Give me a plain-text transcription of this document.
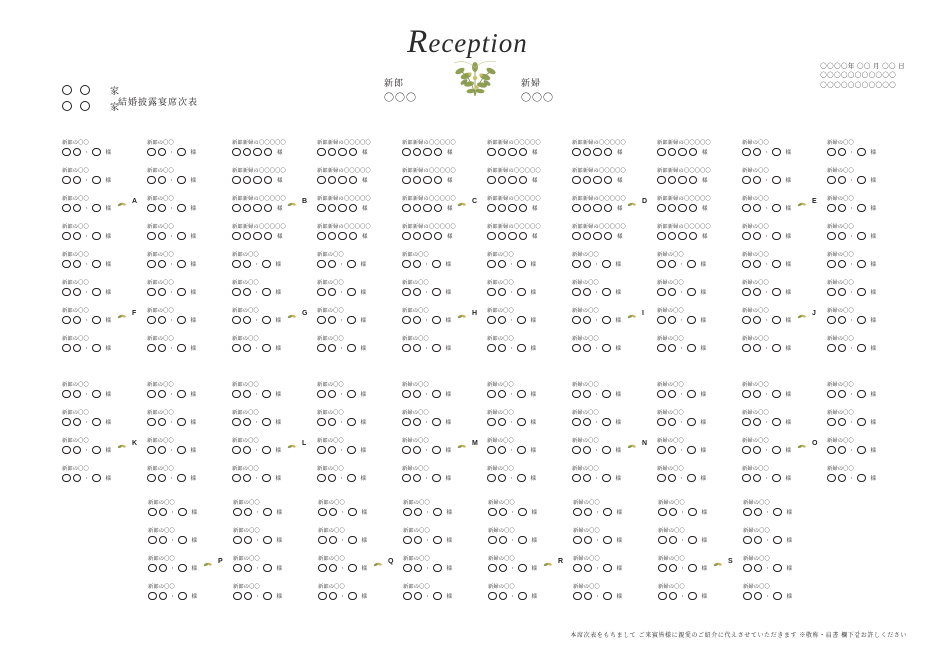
Reception
新郎
〇〇〇
新婦
〇〇〇
〇〇〇〇年 〇〇 月 〇〇 日
〇〇〇〇〇〇〇〇〇〇〇
〇〇〇〇〇〇〇〇〇〇〇
家
家
結婚披露宴席次表
新郎の〇〇
・	様
新郎の〇〇
・	様
新郎の〇〇
・	様
新郎の〇〇
・	様
新郎の〇〇
・	様
新郎の〇〇
・	様
新郎の〇〇
・	様
新郎の〇〇
・	様
A
新郎新婦の〇〇〇〇〇
様
新郎新婦の〇〇〇〇〇
様
新郎新婦の〇〇〇〇〇
様
新郎新婦の〇〇〇〇〇
様
新郎新婦の〇〇〇〇〇
様
新郎新婦の〇〇〇〇〇
様
新郎新婦の〇〇〇〇〇
様
新郎新婦の〇〇〇〇〇
様
B
新郎新婦の〇〇〇〇〇
様
新郎新婦の〇〇〇〇〇
様
新郎新婦の〇〇〇〇〇
様
新郎新婦の〇〇〇〇〇
様
新郎新婦の〇〇〇〇〇
様
新郎新婦の〇〇〇〇〇
様
新郎新婦の〇〇〇〇〇
様
新郎新婦の〇〇〇〇〇
様
C
新郎新婦の〇〇〇〇〇
様
新郎新婦の〇〇〇〇〇
様
新郎新婦の〇〇〇〇〇
様
新郎新婦の〇〇〇〇〇
様
新郎新婦の〇〇〇〇〇
様
新郎新婦の〇〇〇〇〇
様
新郎新婦の〇〇〇〇〇
様
新郎新婦の〇〇〇〇〇
様
D
新婦の〇〇
・	様
新婦の〇〇
・	様
新婦の〇〇
・	様
新婦の〇〇
・	様
新婦の〇〇
・	様
新婦の〇〇
・	様
新婦の〇〇
・	様
新婦の〇〇
・	様
E
新郎の〇〇
・	様
新郎の〇〇
・	様
新郎の〇〇
・	様
新郎の〇〇
・	様
新郎の〇〇
・	様
新郎の〇〇
・	様
新郎の〇〇
・	様
新郎の〇〇
・	様
F
新郎の〇〇
・	様
新郎の〇〇
・	様
新郎の〇〇
・	様
新郎の〇〇
・	様
新郎の〇〇
・	様
新郎の〇〇
・	様
新郎の〇〇
・	様
新郎の〇〇
・	様
G
新郎の〇〇
・	様
新郎の〇〇
・	様
新郎の〇〇
・	様
新郎の〇〇
・	様
新郎の〇〇
・	様
新郎の〇〇
・	様
新郎の〇〇
・	様
新郎の〇〇
・	様
H
新婦の〇〇
・	様
新婦の〇〇
・	様
新婦の〇〇
・	様
新婦の〇〇
・	様
新婦の〇〇
・	様
新婦の〇〇
・	様
新婦の〇〇
・	様
新婦の〇〇
・	様
I
新婦の〇〇
・	様
新婦の〇〇
・	様
新婦の〇〇
・	様
新婦の〇〇
・	様
新婦の〇〇
・	様
新婦の〇〇
・	様
新婦の〇〇
・	様
新婦の〇〇
・	様
J
新郎の〇〇
・	様
新郎の〇〇
・	様
新郎の〇〇
・	様
新郎の〇〇
・	様
新郎の〇〇
・	様
新郎の〇〇
・	様
新郎の〇〇
・	様
新郎の〇〇
・	様
K
新郎の〇〇
・	様
新郎の〇〇
・	様
新郎の〇〇
・	様
新郎の〇〇
・	様
新郎の〇〇
・	様
新郎の〇〇
・	様
新郎の〇〇
・	様
新郎の〇〇
・	様
L
新婦の〇〇
・	様
新婦の〇〇
・	様
新婦の〇〇
・	様
新婦の〇〇
・	様
新婦の〇〇
・	様
新婦の〇〇
・	様
新婦の〇〇
・	様
新婦の〇〇
・	様
M
新婦の〇〇
・	様
新婦の〇〇
・	様
新婦の〇〇
・	様
新婦の〇〇
・	様
新婦の〇〇
・	様
新婦の〇〇
・	様
新婦の〇〇
・	様
新婦の〇〇
・	様
N
新婦の〇〇
・	様
新婦の〇〇
・	様
新婦の〇〇
・	様
新婦の〇〇
・	様
新婦の〇〇
・	様
新婦の〇〇
・	様
新婦の〇〇
・	様
新婦の〇〇
・	様
O
新郎の〇〇
・	様
新郎の〇〇
・	様
新郎の〇〇
・	様
新郎の〇〇
・	様
新郎の〇〇
・	様
新郎の〇〇
・	様
新郎の〇〇
・	様
新郎の〇〇
・	様
P
新郎の〇〇
・	様
新郎の〇〇
・	様
新郎の〇〇
・	様
新郎の〇〇
・	様
新郎の〇〇
・	様
新郎の〇〇
・	様
新郎の〇〇
・	様
新郎の〇〇
・	様
Q
新婦の〇〇
・	様
新婦の〇〇
・	様
新婦の〇〇
・	様
新婦の〇〇
・	様
新婦の〇〇
・	様
新婦の〇〇
・	様
新婦の〇〇
・	様
新婦の〇〇
・	様
R
新婦の〇〇
・	様
新婦の〇〇
・	様
新婦の〇〇
・	様
新婦の〇〇
・	様
新婦の〇〇
・	様
新婦の〇〇
・	様
新婦の〇〇
・	様
新婦の〇〇
・	様
S
本席次表をもちまして ご来賓皆様に親愛のご紹介に代えさせていただきます ※敬称・肩書 欄下같お許しください
